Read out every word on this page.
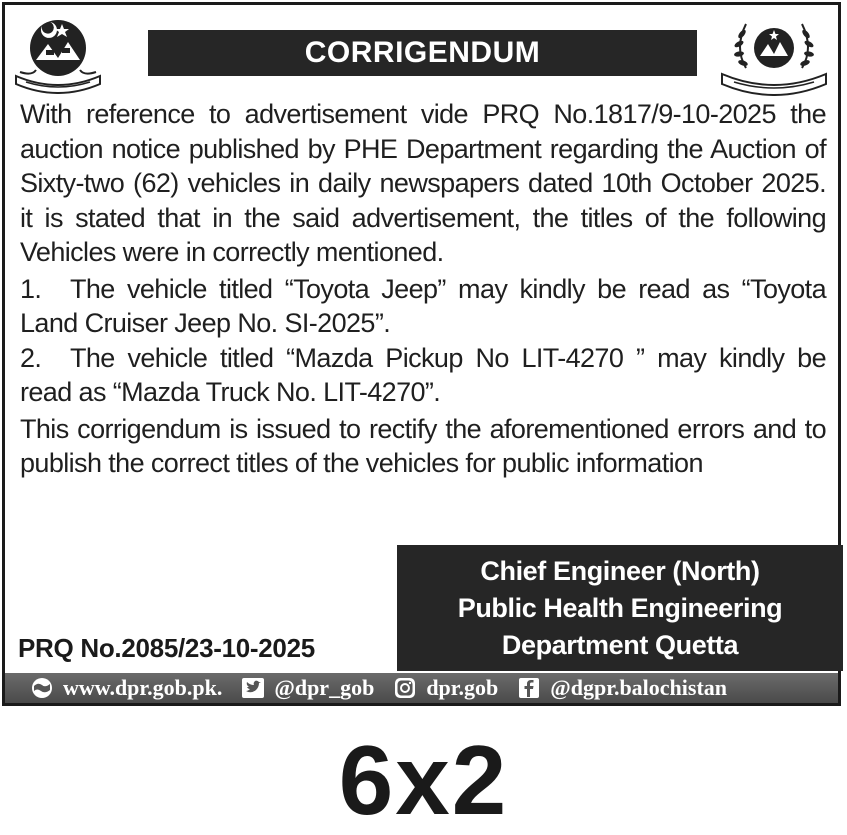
CORRIGENDUM

With reference to advertisement vide PRQ No.1817/9-10-2025 the auction notice published by PHE Department regarding the Auction of Sixty-two (62) vehicles in daily newspapers dated 10th October 2025. it is stated that in the said advertisement, the titles of the following Vehicles were in correctly mentioned.

1. The vehicle titled “Toyota Jeep” may kindly be read as “Toyota Land Cruiser Jeep No. SI-2025”.

2. The vehicle titled “Mazda Pickup No LIT-4270 ” may kindly be read as “Mazda Truck No. LIT-4270”.

This corrigendum is issued to rectify the aforementioned errors and to publish the correct titles of the vehicles for public information

Chief Engineer (North)
Public Health Engineering
Department Quetta
PRQ No.2085/23-10-2025
www.dpr.gob.pk. @dpr_gob dpr.gob @dgpr.balochistan
6x2
